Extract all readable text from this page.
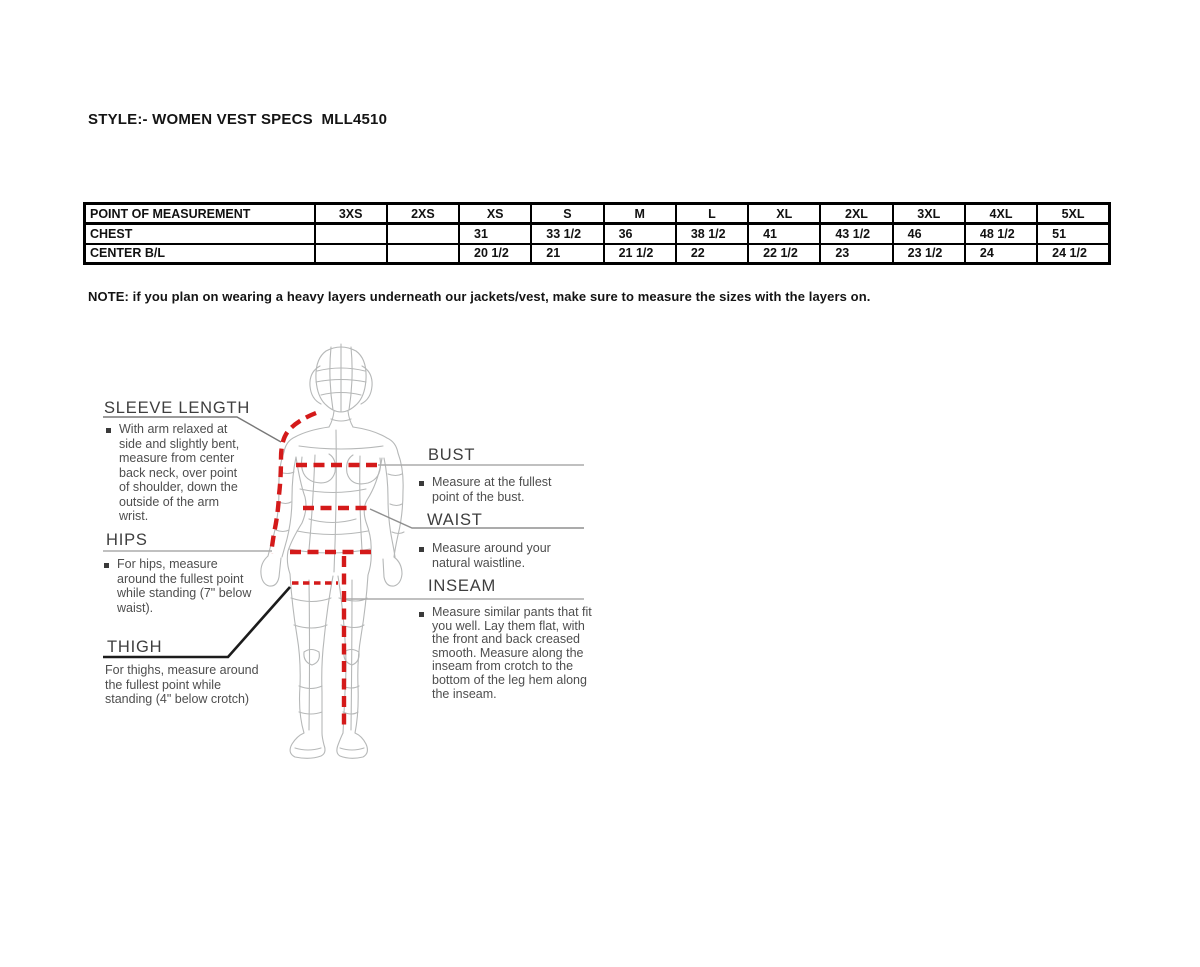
STYLE:- WOMEN VEST SPECS  MLL4510
POINT OF MEASUREMENT	3XS	2XS	XS	S	M	L	XL	2XL	3XL	4XL	5XL
CHEST			31	33 1/2	36	38 1/2	41	43 1/2	46	48 1/2	51
CENTER B/L			20 1/2	21	21 1/2	22	22 1/2	23	23 1/2	24	24 1/2
NOTE: if you plan on wearing a heavy layers underneath our jackets/vest, make sure to measure the sizes with the layers on.
SLEEVE LENGTH
With arm relaxed at side and slightly bent, measure from center back neck, over point of shoulder, down the outside of the arm wrist.
HIPS
For hips, measure around the fullest point while standing (7" below waist).
THIGH
For thighs, measure around the fullest point while standing (4" below crotch)
BUST
Measure at the fullest point of the bust.
WAIST
Measure around your natural waistline.
INSEAM
Measure similar pants that fit you well. Lay them flat, with the front and back creased smooth. Measure along the inseam from crotch to the bottom of the leg hem along the inseam.
